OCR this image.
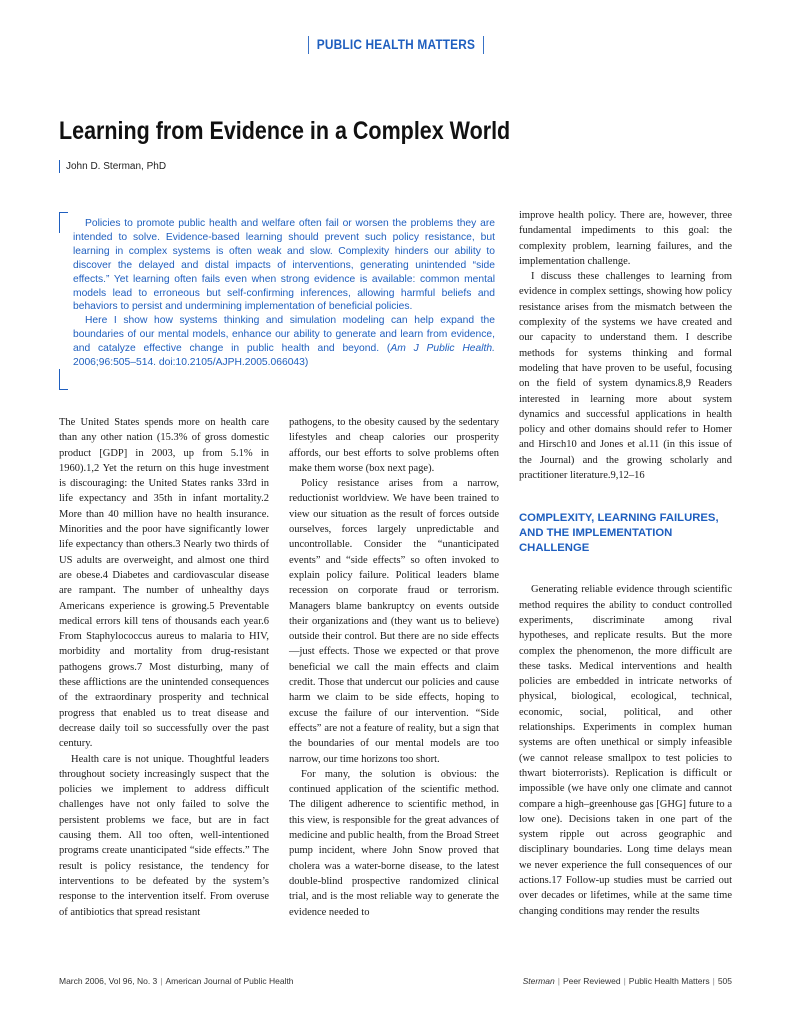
PUBLIC HEALTH MATTERS
Learning from Evidence in a Complex World
John D. Sterman, PhD

Policies to promote public health and welfare often fail or worsen the problems they are intended to solve. Evidence-based learning should prevent such policy resistance, but learning in complex systems is often weak and slow. Complexity hinders our ability to discover the delayed and distal impacts of interventions, generating unintended “side effects.” Yet learning often fails even when strong evidence is available: common mental models lead to erroneous but self-confirming inferences, allowing harmful beliefs and behaviors to persist and undermining implementation of beneficial policies.

Here I show how systems thinking and simulation modeling can help expand the boundaries of our mental models, enhance our ability to generate and learn from evidence, and catalyze effective change in public health and beyond. (Am J Public Health. 2006;96:505–514. doi:10.2105/AJPH.2005.066043)

The United States spends more on health care than any other nation (15.3% of gross domestic product [GDP] in 2003, up from 5.1% in 1960).1,2 Yet the return on this huge investment is discouraging: the United States ranks 33rd in life expectancy and 35th in infant mortality.2 More than 40 million have no health insurance. Minorities and the poor have significantly lower life expectancy than others.3 Nearly two thirds of US adults are overweight, and almost one third are obese.4 Diabetes and cardiovascular disease are rampant. The number of unhealthy days Americans experience is growing.5 Preventable medical errors kill tens of thousands each year.6 From Staphylococcus aureus to malaria to HIV, morbidity and mortality from drug-resistant pathogens grows.7 Most disturbing, many of these afflictions are the unintended consequences of the extraordinary prosperity and technical progress that enabled us to treat disease and decrease daily toil so successfully over the past century.

Health care is not unique. Thoughtful leaders throughout society increasingly suspect that the policies we implement to address difficult challenges have not only failed to solve the persistent problems we face, but are in fact causing them. All too often, well-intentioned programs create unanticipated “side effects.” The result is policy resistance, the tendency for interventions to be defeated by the system’s response to the intervention itself. From overuse of antibiotics that spread resistant

pathogens, to the obesity caused by the sedentary lifestyles and cheap calories our prosperity affords, our best efforts to solve problems often make them worse (box next page).

Policy resistance arises from a narrow, reductionist worldview. We have been trained to view our situation as the result of forces outside ourselves, forces largely unpredictable and uncontrollable. Consider the “unanticipated events” and “side effects” so often invoked to explain policy failure. Political leaders blame recession on corporate fraud or terrorism. Managers blame bankruptcy on events outside their organizations and (they want us to believe) outside their control. But there are no side effects—just effects. Those we expected or that prove beneficial we call the main effects and claim credit. Those that undercut our policies and cause harm we claim to be side effects, hoping to excuse the failure of our intervention. “Side effects” are not a feature of reality, but a sign that the boundaries of our mental models are too narrow, our time horizons too short.

For many, the solution is obvious: the continued application of the scientific method. The diligent adherence to scientific method, in this view, is responsible for the great advances of medicine and public health, from the Broad Street pump incident, where John Snow proved that cholera was a water-borne disease, to the latest double-blind prospective randomized clinical trial, and is the most reliable way to generate the evidence needed to

improve health policy. There are, however, three fundamental impediments to this goal: the complexity problem, learning failures, and the implementation challenge.

I discuss these challenges to learning from evidence in complex settings, showing how policy resistance arises from the mismatch between the complexity of the systems we have created and our capacity to understand them. I describe methods for systems thinking and formal modeling that have proven to be useful, focusing on the field of system dynamics.8,9 Readers interested in learning more about system dynamics and successful applications in health policy and other domains should refer to Homer and Hirsch10 and Jones et al.11 (in this issue of the Journal) and the growing scholarly and practitioner literature.9,12–16

COMPLEXITY, LEARNING FAILURES, AND THE IMPLEMENTATION CHALLENGE

Generating reliable evidence through scientific method requires the ability to conduct controlled experiments, discriminate among rival hypotheses, and replicate results. But the more complex the phenomenon, the more difficult are these tasks. Medical interventions and health policies are embedded in intricate networks of physical, biological, ecological, technical, economic, social, political, and other relationships. Experiments in complex human systems are often unethical or simply infeasible (we cannot release smallpox to test policies to thwart bioterrorists). Replication is difficult or impossible (we have only one climate and cannot compare a high–greenhouse gas [GHG] future to a low one). Decisions taken in one part of the system ripple out across geographic and disciplinary boundaries. Long time delays mean we never experience the full consequences of our actions.17 Follow-up studies must be carried out over decades or lifetimes, while at the same time changing conditions may render the results

March 2006, Vol 96, No. 3 | American Journal of Public Health	Sterman | Peer Reviewed | Public Health Matters | 505
